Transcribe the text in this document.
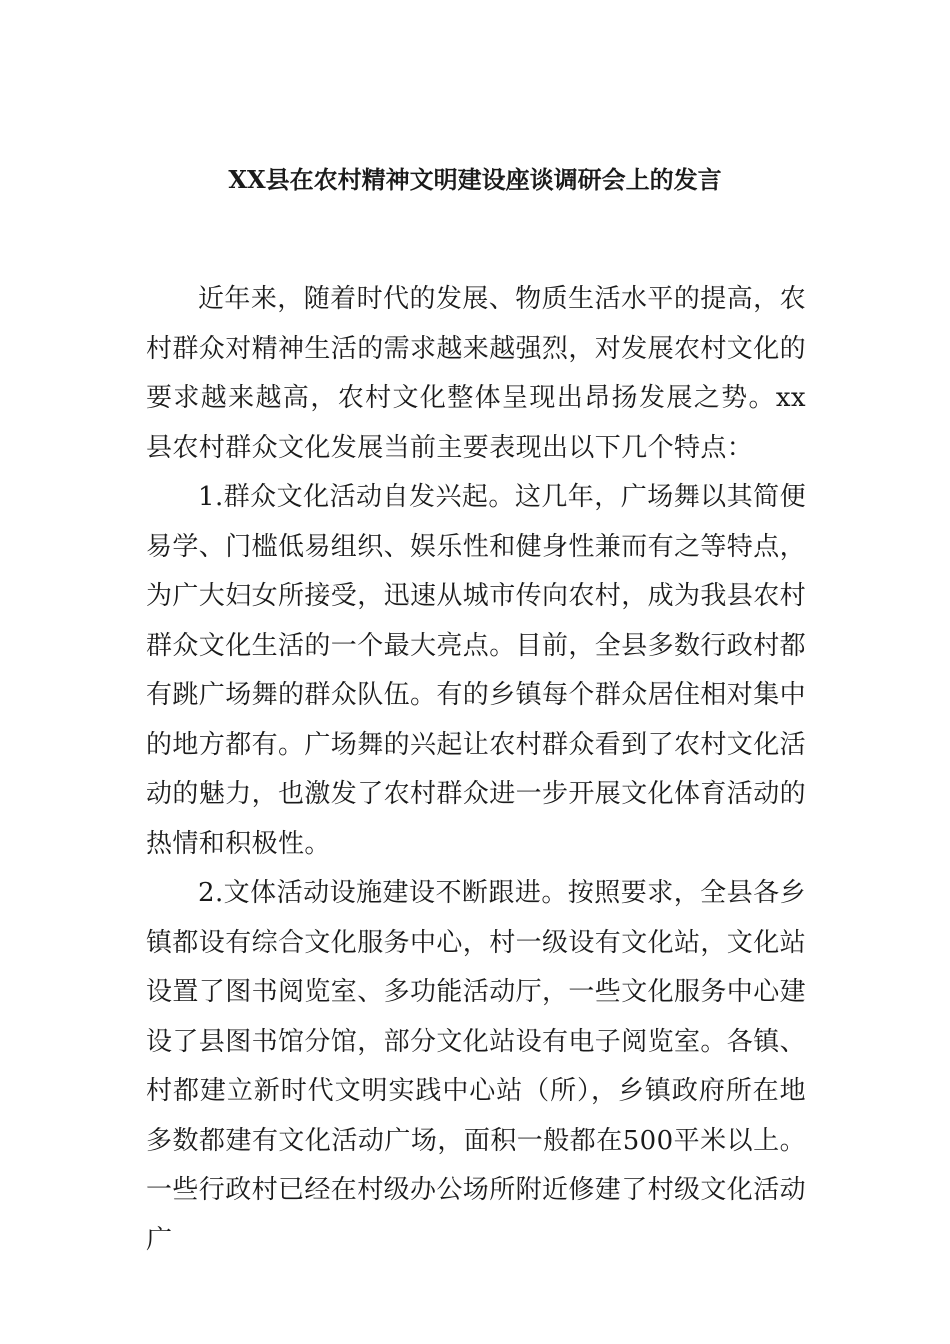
XX县在农村精神文明建设座谈调研会上的发言

近年来，随着时代的发展、物质生活水平的提高，农村群众对精神生活的需求越来越强烈，对发展农村文化的要求越来越高，农村文化整体呈现出昂扬发展之势。xx县农村群众文化发展当前主要表现出以下几个特点：

1.群众文化活动自发兴起。这几年，广场舞以其简便易学、门槛低易组织、娱乐性和健身性兼而有之等特点，为广大妇女所接受，迅速从城市传向农村，成为我县农村群众文化生活的一个最大亮点。目前，全县多数行政村都有跳广场舞的群众队伍。有的乡镇每个群众居住相对集中的地方都有。广场舞的兴起让农村群众看到了农村文化活动的魅力，也激发了农村群众进一步开展文化体育活动的热情和积极性。

2.文体活动设施建设不断跟进。按照要求，全县各乡镇都设有综合文化服务中心，村一级设有文化站，文化站设置了图书阅览室、多功能活动厅，一些文化服务中心建设了县图书馆分馆，部分文化站设有电子阅览室。各镇、村都建立新时代文明实践中心站（所），乡镇政府所在地多数都建有文化活动广场，面积一般都在500平米以上。一些行政村已经在村级办公场所附近修建了村级文化活动广
